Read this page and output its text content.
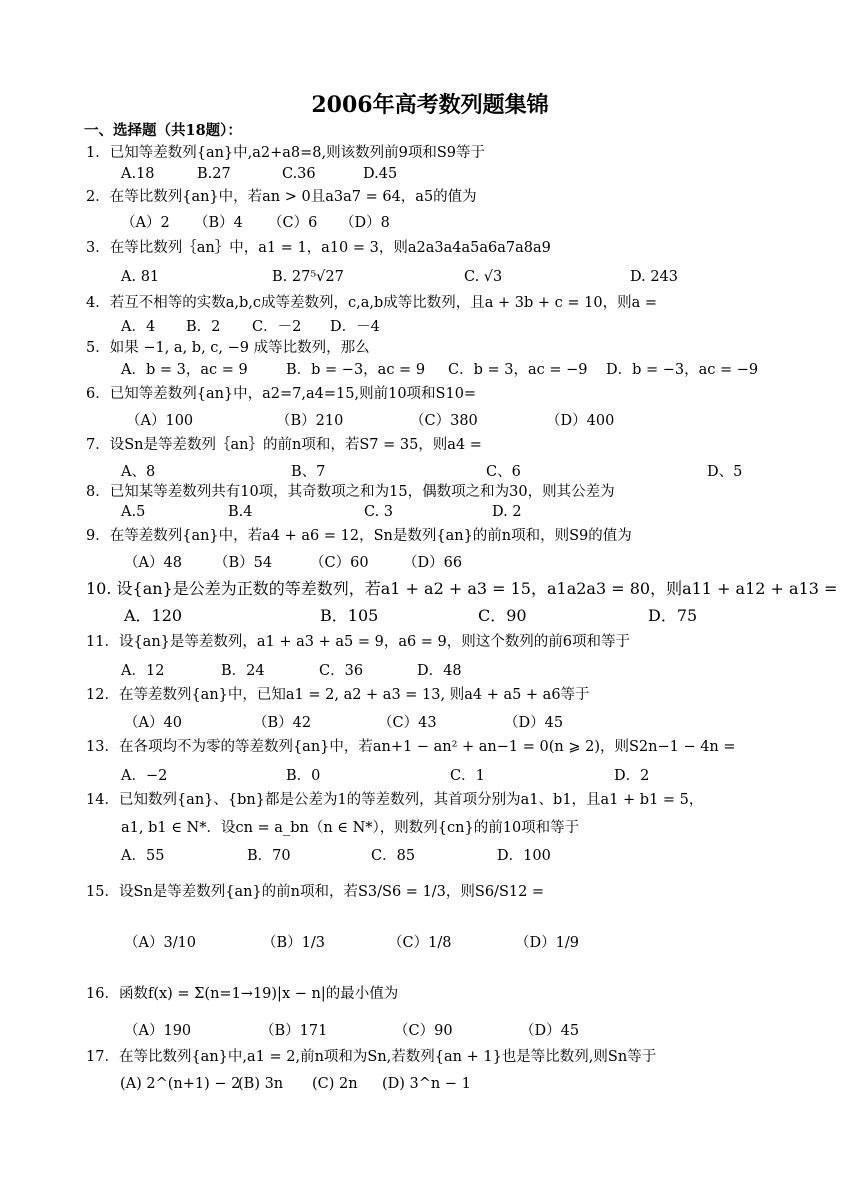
2006年高考数列题集锦
一、选择题（共18题）：
1．已知等差数列{an}中,a2+a8=8,则该数列前9项和S9等于
A.18	B.27	C.36	D.45
2．在等比数列{an}中，若an > 0且a3a7 = 64，a5的值为
（A）2 （B）4 （C）6 （D）8
3．在等比数列｛an｝中，a1 = 1，a10 = 3，则a2a3a4a5a6a7a8a9
A. 81	B. 27⁵√27	C. √3	D. 243
4．若互不相等的实数a,b,c成等差数列，c,a,b成等比数列，且a + 3b + c = 10，则a =
A．4 B．2 C．－2 D．－4
5．如果 −1, a, b, c, −9 成等比数列，那么
A．b = 3，ac = 9	B．b = −3，ac = 9 C．b = 3，ac = −9 D．b = −3，ac = −9
6．已知等差数列{an}中，a2=7,a4=15,则前10项和S10=
（A）100	（B）210	（C）380	（D）400
7．设Sn是等差数列｛an｝的前n项和，若S7 = 35，则a4 =
A、8	B、7	C、6	D、5
8．已知某等差数列共有10项，其奇数项之和为15，偶数项之和为30，则其公差为
A.5	B.4	C. 3	D. 2
9．在等差数列{an}中，若a4 + a6 = 12，Sn是数列{an}的前n项和，则S9的值为
（A）48 （B）54	（C）60 （D）66
10. 设{an}是公差为正数的等差数列，若a1 + a2 + a3 = 15，a1a2a3 = 80，则a11 + a12 + a13 =
A．120	B．105	C．90	D．75
11．设{an}是等差数列，a1 + a3 + a5 = 9，a6 = 9，则这个数列的前6项和等于
A．12	B．24	C．36	D．48
12．在等差数列{an}中，已知a1 = 2, a2 + a3 = 13, 则a4 + a5 + a6等于
（A）40	（B）42	（C）43	（D）45
13．在各项均不为零的等差数列{an}中，若an+1 − an² + an−1 = 0(n ⩾ 2)，则S2n−1 − 4n =
A．−2	B．0	C．1	D．2
14．已知数列{an}、{bn}都是公差为1的等差数列，其首项分别为a1、b1，且a1 + b1 = 5，
a1, b1 ∈ N*．设cn = a_bn（n ∈ N*），则数列{cn}的前10项和等于
A．55	B．70	C．85	D．100
15．设Sn是等差数列{an}的前n项和，若S3/S6 = 1/3，则S6/S12 =
（A）3/10	（B）1/3	（C）1/8	（D）1/9
16．函数f(x) = Σ(n=1→19)|x − n|的最小值为
（A）190	（B）171	（C）90	（D）45
17．在等比数列{an}中,a1 = 2,前n项和为Sn,若数列{an + 1}也是等比数列,则Sn等于
(A) 2^(n+1) − 2
(B) 3n (C) 2n (D) 3^n − 1
